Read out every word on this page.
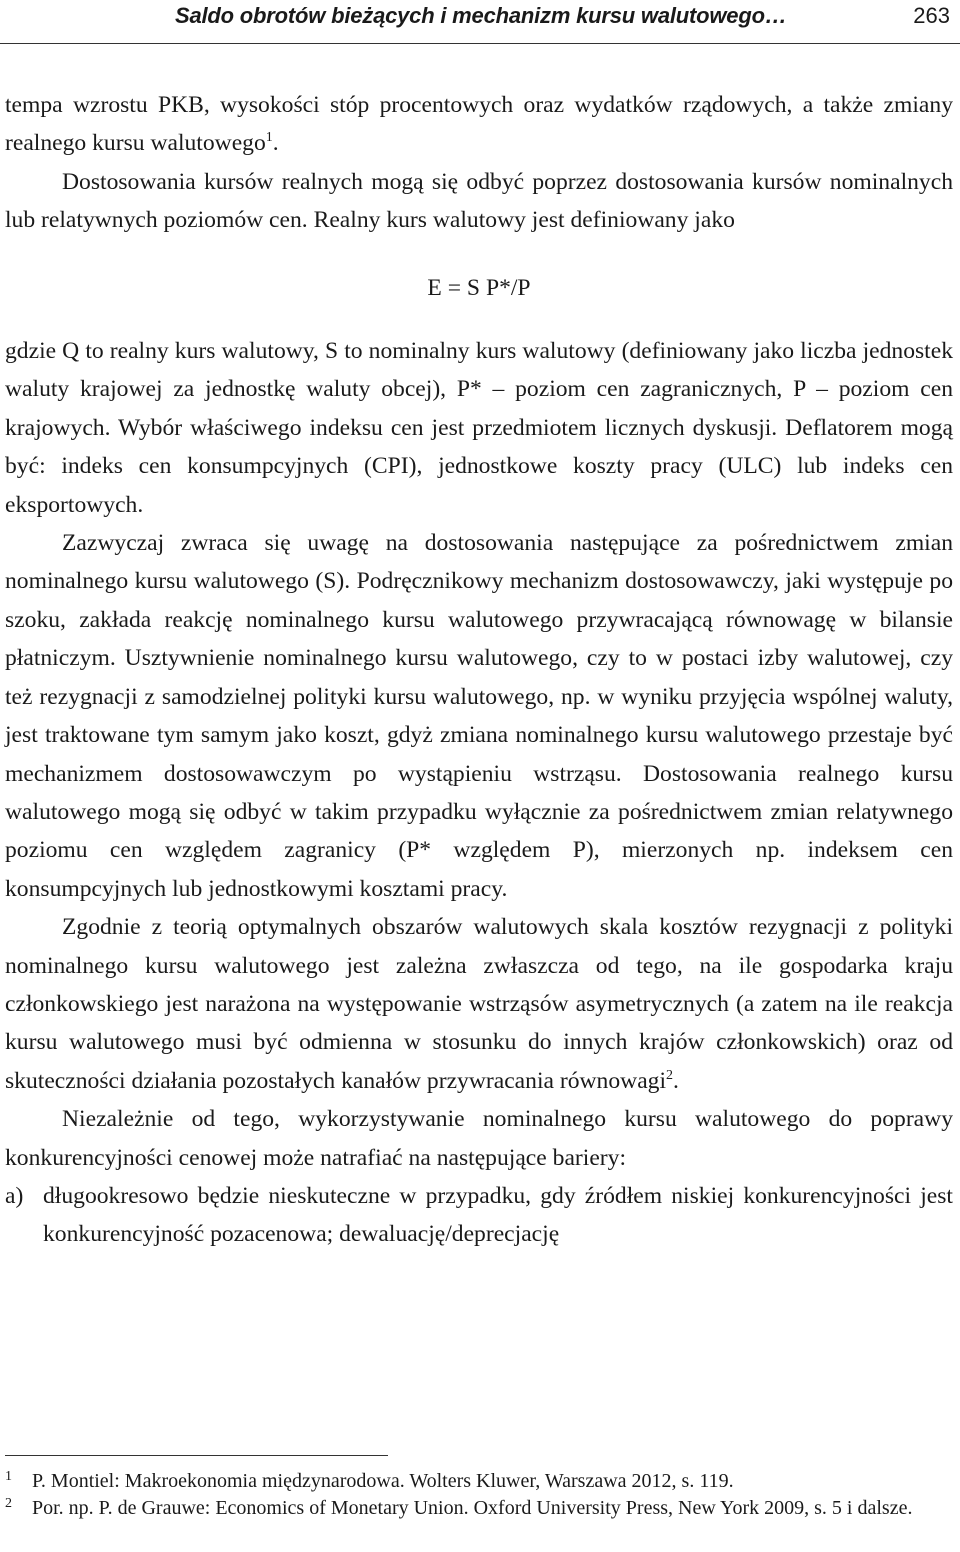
Saldo obrotów bieżących i mechanizm kursu walutowego…	263

tempa wzrostu PKB, wysokości stóp procentowych oraz wydatków rządowych, a także zmiany realnego kursu walutowego$^1$.

Dostosowania kursów realnych mogą się odbyć poprzez dostosowania kursów nominalnych lub relatywnych poziomów cen. Realny kurs walutowy jest definiowany jako

E = S P*/P

gdzie Q to realny kurs walutowy, S to nominalny kurs walutowy (definiowany jako liczba jednostek waluty krajowej za jednostkę waluty obcej), P* – poziom cen zagranicznych, P – poziom cen krajowych. Wybór właściwego indeksu cen jest przedmiotem licznych dyskusji. Deflatorem mogą być: indeks cen konsumpcyjnych (CPI), jednostkowe koszty pracy (ULC) lub indeks cen eksportowych.

Zazwyczaj zwraca się uwagę na dostosowania następujące za pośrednictwem zmian nominalnego kursu walutowego (S). Podręcznikowy mechanizm dostosowawczy, jaki występuje po szoku, zakłada reakcję nominalnego kursu walutowego przywracającą równowagę w bilansie płatniczym. Usztywnienie nominalnego kursu walutowego, czy to w postaci izby walutowej, czy też rezygnacji z samodzielnej polityki kursu walutowego, np. w wyniku przyjęcia wspólnej waluty, jest traktowane tym samym jako koszt, gdyż zmiana nominalnego kursu walutowego przestaje być mechanizmem dostosowawczym po wystąpieniu wstrząsu. Dostosowania realnego kursu walutowego mogą się odbyć w takim przypadku wyłącznie za pośrednictwem zmian relatywnego poziomu cen względem zagranicy (P* względem P), mierzonych np. indeksem cen konsumpcyjnych lub jednostkowymi kosztami pracy.

Zgodnie z teorią optymalnych obszarów walutowych skala kosztów rezygnacji z polityki nominalnego kursu walutowego jest zależna zwłaszcza od tego, na ile gospodarka kraju członkowskiego jest narażona na występowanie wstrząsów asymetrycznych (a zatem na ile reakcja kursu walutowego musi być odmienna w stosunku do innych krajów członkowskich) oraz od skuteczności działania pozostałych kanałów przywracania równowagi$^2$.

Niezależnie od tego, wykorzystywanie nominalnego kursu walutowego do poprawy konkurencyjności cenowej może natrafiać na następujące bariery:

a) długookresowo będzie nieskuteczne w przypadku, gdy źródłem niskiej konkurencyjności jest konkurencyjność pozacenowa; dewaluację/deprecjację

1 P. Montiel: Makroekonomia międzynarodowa. Wolters Kluwer, Warszawa 2012, s. 119.
2 Por. np. P. de Grauwe: Economics of Monetary Union. Oxford University Press, New York 2009, s. 5 i dalsze.
